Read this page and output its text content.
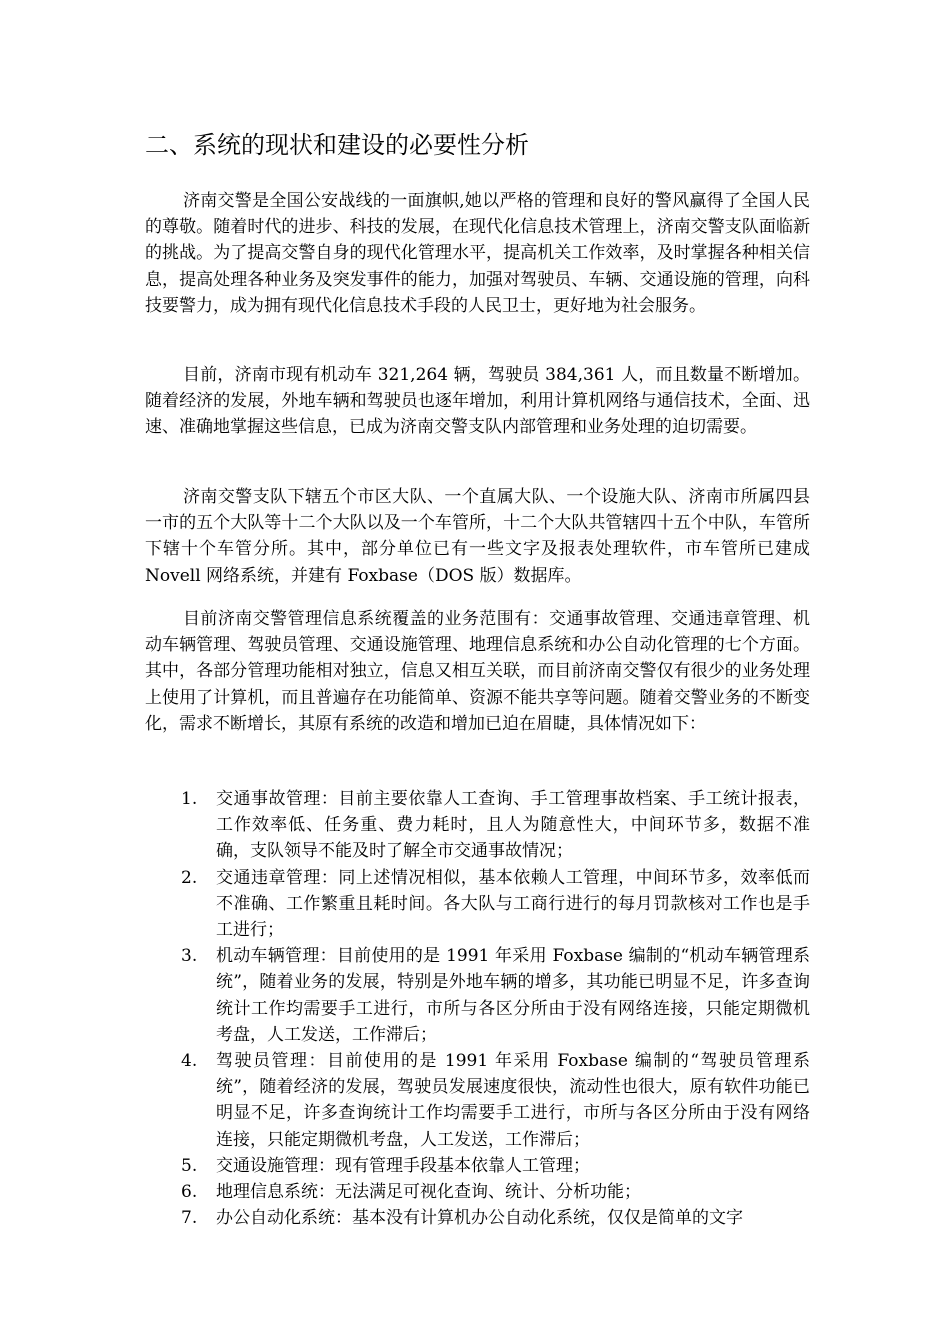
二、系统的现状和建设的必要性分析

济南交警是全国公安战线的一面旗帜,她以严格的管理和良好的警风赢得了全国人民的尊敬。随着时代的进步、科技的发展，在现代化信息技术管理上，济南交警支队面临新的挑战。为了提高交警自身的现代化管理水平，提高机关工作效率，及时掌握各种相关信息，提高处理各种业务及突发事件的能力，加强对驾驶员、车辆、交通设施的管理，向科技要警力，成为拥有现代化信息技术手段的人民卫士，更好地为社会服务。

目前，济南市现有机动车 321,264 辆，驾驶员 384,361 人，而且数量不断增加。随着经济的发展，外地车辆和驾驶员也逐年增加，利用计算机网络与通信技术，全面、迅速、准确地掌握这些信息，已成为济南交警支队内部管理和业务处理的迫切需要。

济南交警支队下辖五个市区大队、一个直属大队、一个设施大队、济南市所属四县一市的五个大队等十二个大队以及一个车管所，十二个大队共管辖四十五个中队，车管所下辖十个车管分所。其中，部分单位已有一些文字及报表处理软件，市车管所已建成 Novell 网络系统，并建有 Foxbase（DOS 版）数据库。

目前济南交警管理信息系统覆盖的业务范围有：交通事故管理、交通违章管理、机动车辆管理、驾驶员管理、交通设施管理、地理信息系统和办公自动化管理的七个方面。其中，各部分管理功能相对独立，信息又相互关联，而目前济南交警仅有很少的业务处理上使用了计算机，而且普遍存在功能简单、资源不能共享等问题。随着交警业务的不断变化，需求不断增长，其原有系统的改造和增加已迫在眉睫，具体情况如下：

1.	交通事故管理：目前主要依靠人工查询、手工管理事故档案、手工统计报表，工作效率低、任务重、费力耗时，且人为随意性大，中间环节多，数据不准确，支队领导不能及时了解全市交通事故情况；
2.	交通违章管理：同上述情况相似，基本依赖人工管理，中间环节多，效率低而不准确、工作繁重且耗时间。各大队与工商行进行的每月罚款核对工作也是手工进行；
3.	机动车辆管理：目前使用的是 1991 年采用 Foxbase 编制的“机动车辆管理系统”，随着业务的发展，特别是外地车辆的增多，其功能已明显不足，许多查询统计工作均需要手工进行，市所与各区分所由于没有网络连接，只能定期微机考盘，人工发送，工作滞后；
4.	驾驶员管理：目前使用的是 1991 年采用 Foxbase 编制的“驾驶员管理系统”，随着经济的发展，驾驶员发展速度很快，流动性也很大，原有软件功能已明显不足，许多查询统计工作均需要手工进行，市所与各区分所由于没有网络连接，只能定期微机考盘，人工发送，工作滞后；
5.	交通设施管理：现有管理手段基本依靠人工管理；
6.	地理信息系统：无法满足可视化查询、统计、分析功能；
7.	办公自动化系统：基本没有计算机办公自动化系统，仅仅是简单的文字
